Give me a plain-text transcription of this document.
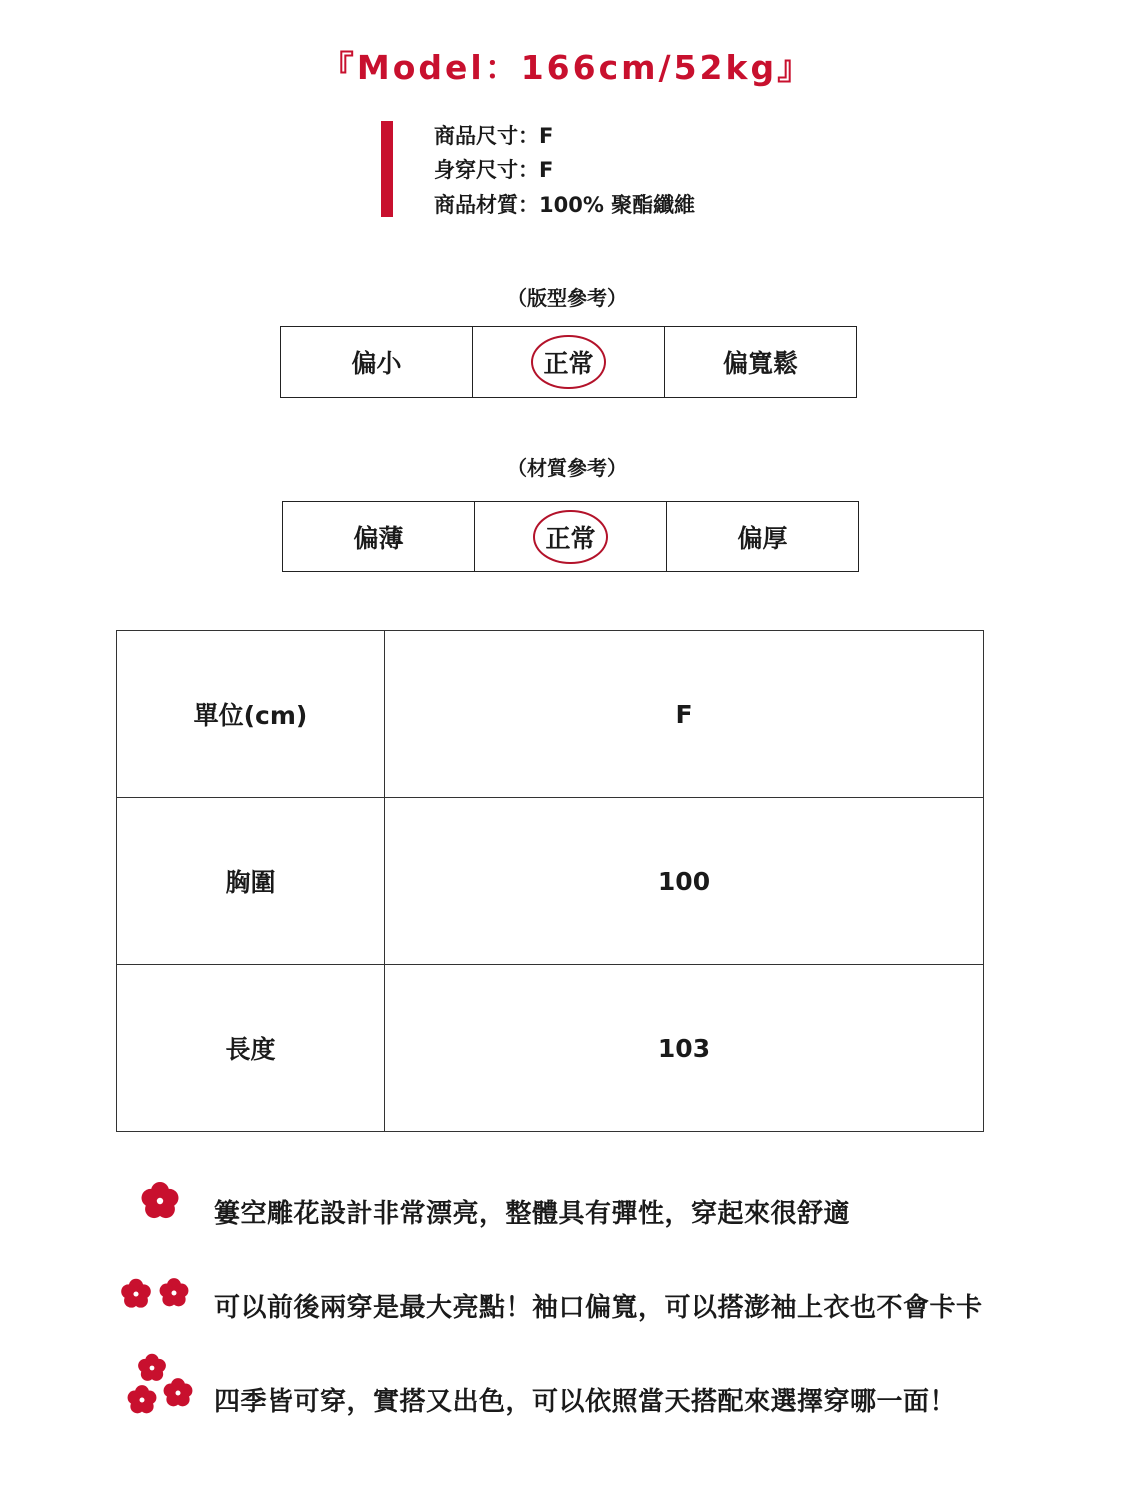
『Model：166cm/52kg』
商品尺寸：F
身穿尺寸：F
商品材質：100% 聚酯纖維
（版型參考）
偏小	正常	偏寬鬆
（材質參考）
偏薄	正常	偏厚
單位(cm)	F
胸圍	100
長度	103
簍空雕花設計非常漂亮，整體具有彈性，穿起來很舒適
可以前後兩穿是最大亮點！袖口偏寬，可以搭澎袖上衣也不會卡卡
四季皆可穿，實搭又出色，可以依照當天搭配來選擇穿哪一面！
